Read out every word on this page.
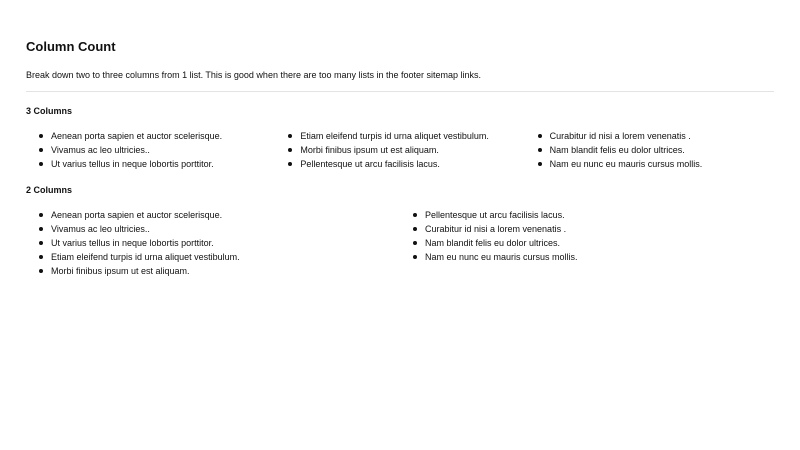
Column Count

Break down two to three columns from 1 list. This is good when there are too many lists in the footer sitemap links.

3 Columns
Aenean porta sapien et auctor scelerisque.
Vivamus ac leo ultricies..
Ut varius tellus in neque lobortis porttitor.
Etiam eleifend turpis id urna aliquet vestibulum.
Morbi finibus ipsum ut est aliquam.
Pellentesque ut arcu facilisis lacus.
Curabitur id nisi a lorem venenatis .
Nam blandit felis eu dolor ultrices.
Nam eu nunc eu mauris cursus mollis.
2 Columns
Aenean porta sapien et auctor scelerisque.
Vivamus ac leo ultricies..
Ut varius tellus in neque lobortis porttitor.
Etiam eleifend turpis id urna aliquet vestibulum.
Morbi finibus ipsum ut est aliquam.
Pellentesque ut arcu facilisis lacus.
Curabitur id nisi a lorem venenatis .
Nam blandit felis eu dolor ultrices.
Nam eu nunc eu mauris cursus mollis.
